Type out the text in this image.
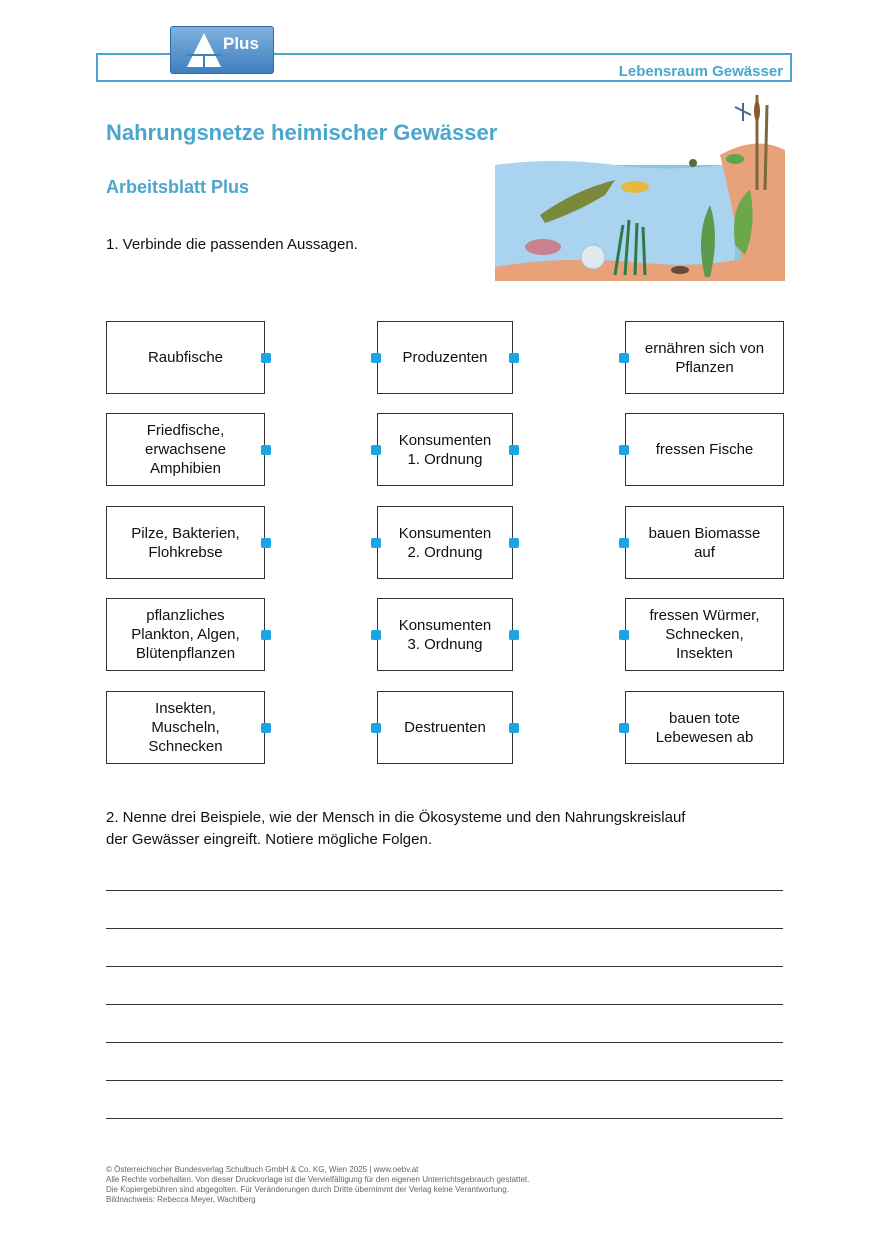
Plus
Lebensraum Gewässer
Nahrungsnetze heimischer Gewässer
Arbeitsblatt Plus
1. Verbinde die passenden Aussagen.
Raubfische
Friedfische,
erwachsene
Amphibien
Pilze, Bakterien,
Flohkrebse
pflanzliches
Plankton, Algen,
Blütenpflanzen
Insekten,
Muscheln,
Schnecken
Produzenten
Konsumenten
1. Ordnung
Konsumenten
2. Ordnung
Konsumenten
3. Ordnung
Destruenten
ernähren sich von
Pflanzen
fressen Fische
bauen Biomasse
auf
fressen Würmer,
Schnecken,
Insekten
bauen tote
Lebewesen ab
2. Nenne drei Beispiele, wie der Mensch in die Ökosysteme und den Nahrungskreislauf
der Gewässer eingreift. Notiere mögliche Folgen.
© Österreichischer Bundesverlag Schulbuch GmbH & Co. KG, Wien 2025 | www.oebv.at
Alle Rechte vorbehalten. Von dieser Druckvorlage ist die Vervielfältigung für den eigenen Unterrichtsgebrauch gestattet.
Die Kopiergebühren sind abgegolten. Für Veränderungen durch Dritte übernimmt der Verlag keine Verantwortung.
Bildnachweis: Rebecca Meyer, Wachtberg
